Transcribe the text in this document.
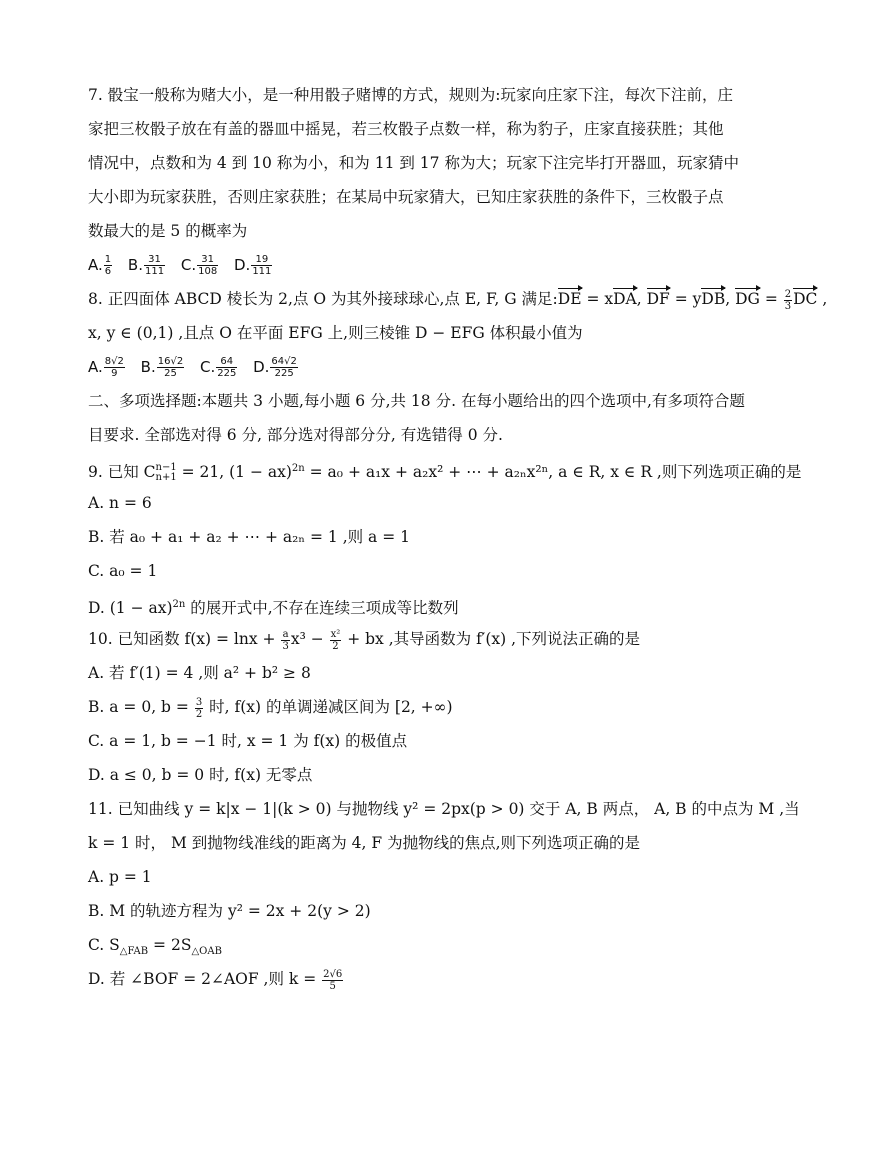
7. 骰宝一般称为赌大小，是一种用骰子赌博的方式，规则为:玩家向庄家下注，每次下注前，庄
家把三枚骰子放在有盖的器皿中摇晃，若三枚骰子点数一样，称为豹子，庄家直接获胜；其他
情况中，点数和为 4 到 10 称为小，和为 11 到 17 称为大；玩家下注完毕打开器皿，玩家猜中
大小即为玩家获胜，否则庄家获胜；在某局中玩家猜大，已知庄家获胜的条件下，三枚骰子点
数最大的是 5 的概率为
A. $\frac{1}{6} B$. $\frac{31}{111} C$. $\frac{31}{108} D$. $\frac{19}{111}$
8. 正四面体 ABCD 棱长为 2,点 O 为其外接球球心,点 E, F, G 满足:DE = xDA, DF = yDB, DG = $\frac{2}{3}$ DC ,
x, y ∈ (0,1) ,且点 O 在平面 EFG 上,则三棱锥 D − EFG 体积最小值为
A. $\frac{8√2}{9} B$. $\frac{16√2}{25} C$. $\frac{64}{225} D$. $\frac{64√2}{225}$
二、多项选择题:本题共 3 小题,每小题 6 分,共 18 分. 在每小题给出的四个选项中,有多项符合题
目要求. 全部选对得 6 分, 部分选对得部分分, 有选错得 0 分.
9. 已知 C n−1
n+1 = 21, (1 − ax)$^{2n}$ = a₀ + a₁x + a₂x² + ⋯ + a₂ₙx²ⁿ, a ∈ R, x ∈ R ,则下列选项正确的是
A. n = 6
B. 若 a₀ + a₁ + a₂ + ⋯ + a₂ₙ = 1 ,则 a = 1
C. a₀ = 1
D. (1 − ax)$^{2n}$ 的展开式中,不存在连续三项成等比数列
10. 已知函数 $f(x) = \ln x + \frac{a}{3} x^3 - \frac{\text{x²}}{2}$ + bx ,其导函数为 f′(x) ,下列说法正确的是
A. 若 f′(1) = 4 ,则 a² + b² ≥ 8
B. a = 0, $b = \frac{3}{2}$ 时, f(x) 的单调递减区间为 [2, +∞)
C. a = 1, b = −1 时, x = 1 为 f(x) 的极值点
D. a ≤ 0, b = 0 时, f(x) 无零点
11. 已知曲线 y = k|x − 1|(k > 0) 与抛物线 y² = 2px(p > 0) 交于 A, B 两点， A, B 的中点为 M ,当
k = 1 时， M 到抛物线准线的距离为 4, F 为抛物线的焦点,则下列选项正确的是
A. p = 1
B. M 的轨迹方程为 y² = 2x + 2(y > 2)
C. $S_{\triangle FAB} = 2S_{\triangle OAB}$
D. 若 ∠BOF = 2∠AOF ,则 $k = \frac{2√6}{5}$
